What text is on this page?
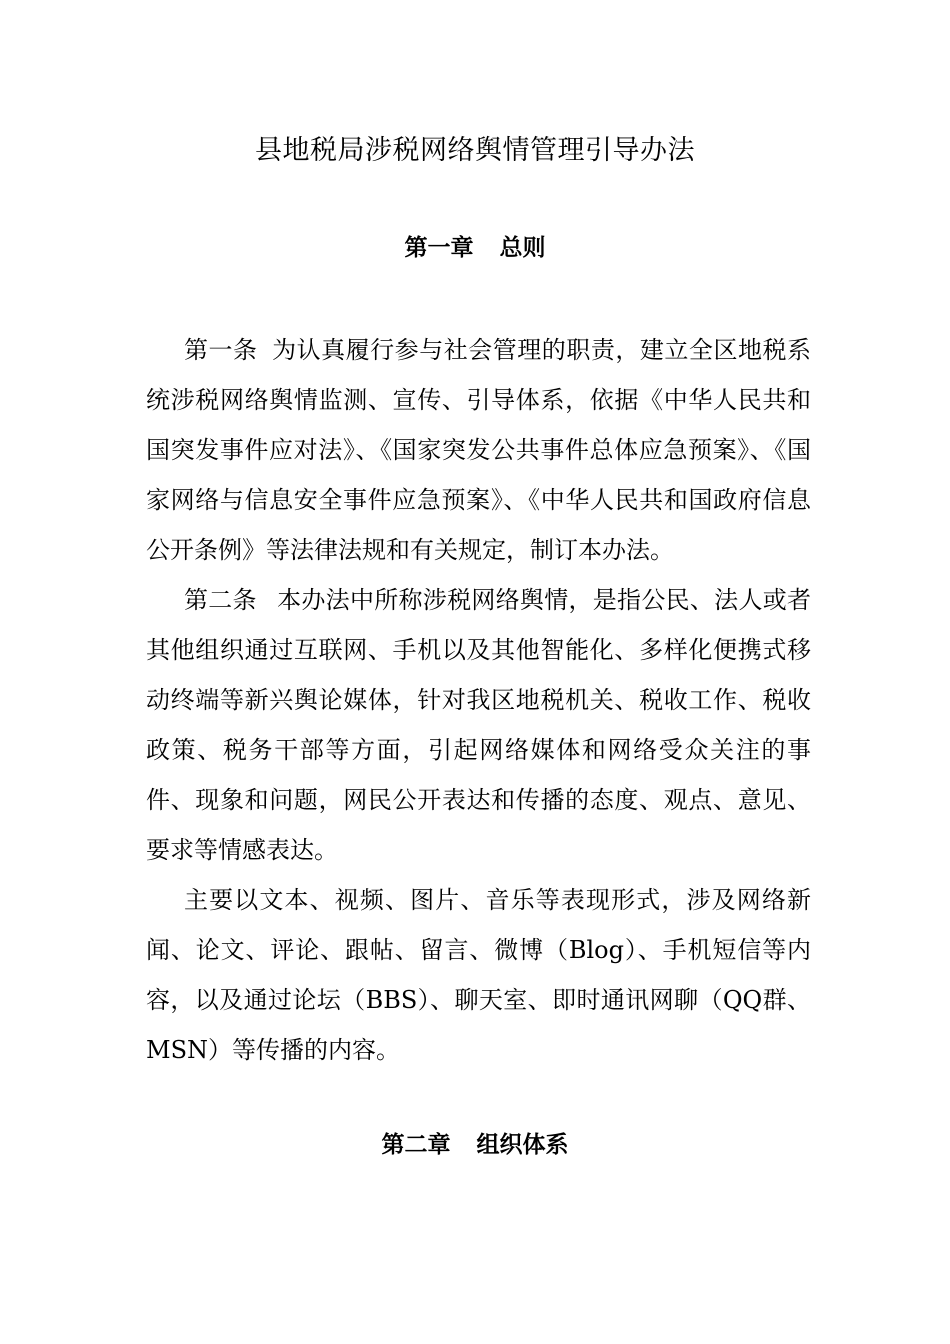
县地税局涉税网络舆情管理引导办法
第一章 总则

第一条 为认真履行参与社会管理的职责，建立全区地税系统涉税网络舆情监测、宣传、引导体系，依据《中华人民共和国突发事件应对法》、《国家突发公共事件总体应急预案》、《国家网络与信息安全事件应急预案》、《中华人民共和国政府信息公开条例》等法律法规和有关规定，制订本办法。

第二条 本办法中所称涉税网络舆情，是指公民、法人或者其他组织通过互联网、手机以及其他智能化、多样化便携式移动终端等新兴舆论媒体，针对我区地税机关、税收工作、税收政策、税务干部等方面，引起网络媒体和网络受众关注的事件、现象和问题，网民公开表达和传播的态度、观点、意见、要求等情感表达。

主要以文本、视频、图片、音乐等表现形式，涉及网络新闻、论文、评论、跟帖、留言、微博（Blog）、手机短信等内容，以及通过论坛（BBS）、聊天室、即时通讯网聊（QQ群、MSN）等传播的内容。

第二章 组织体系
